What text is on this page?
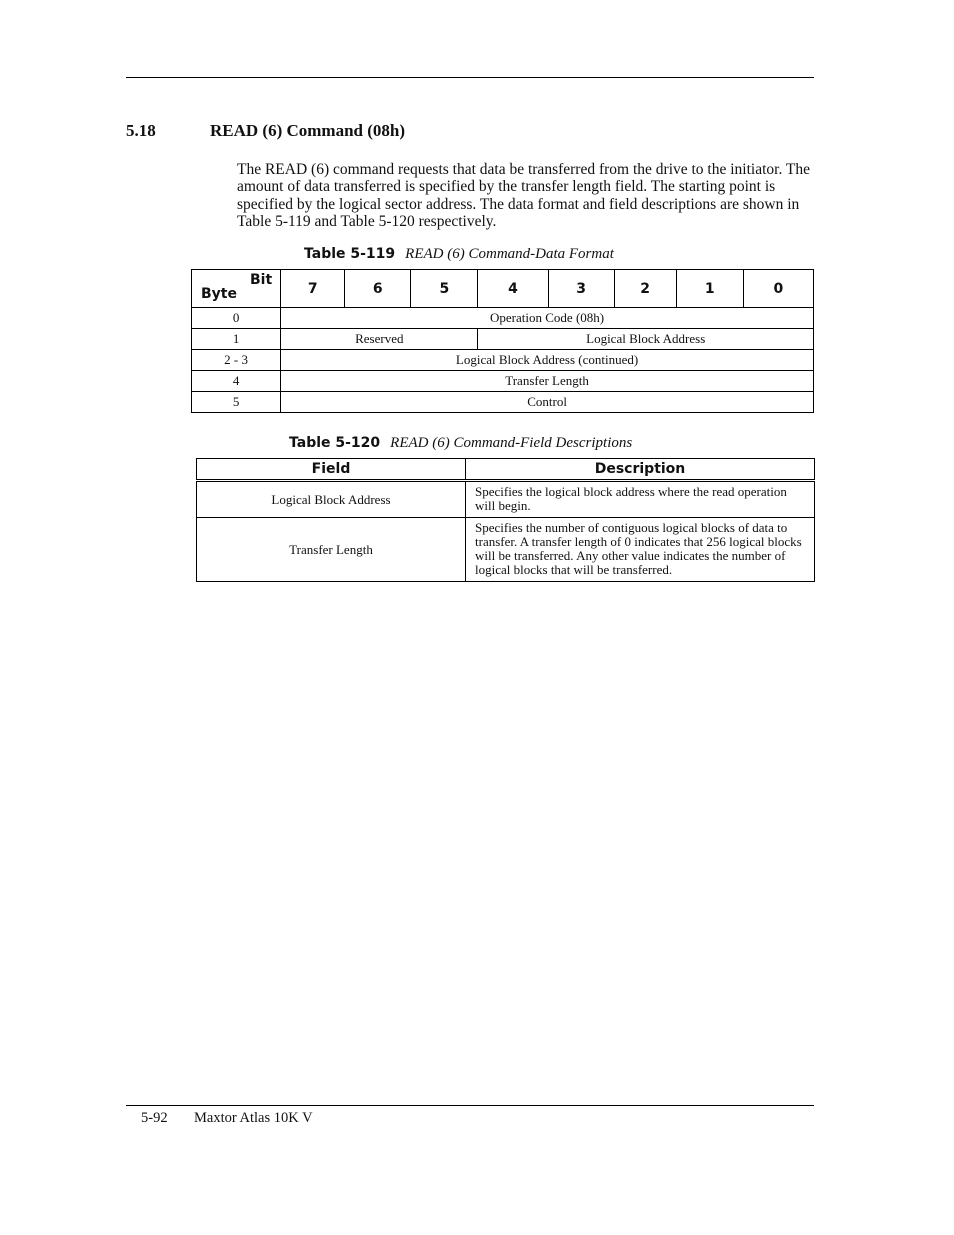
5.18	READ (6) Command (08h)

The READ (6) command requests that data be transferred from the drive to the initiator. The amount of data transferred is specified by the transfer length field. The starting point is specified by the logical sector address. The data format and field descriptions are shown in Table 5-119 and Table 5-120 respectively.

Table 5-119 READ (6) Command-Data Format
Bit
Byte	7	6	5	4	3	2	1	0
0	Operation Code (08h)							
1	Reserved			Logical Block Address				
2 - 3	Logical Block Address (continued)							
4	Transfer Length							
5	Control							
Table 5-120 READ (6) Command-Field Descriptions
Field	Description
Logical Block Address	Specifies the logical block address where the read operation will begin.
Transfer Length	Specifies the number of contiguous logical blocks of data to transfer. A transfer length of 0 indicates that 256 logical blocks will be transferred. Any other value indicates the number of logical blocks that will be transferred.
5-92 Maxtor Atlas 10K V
